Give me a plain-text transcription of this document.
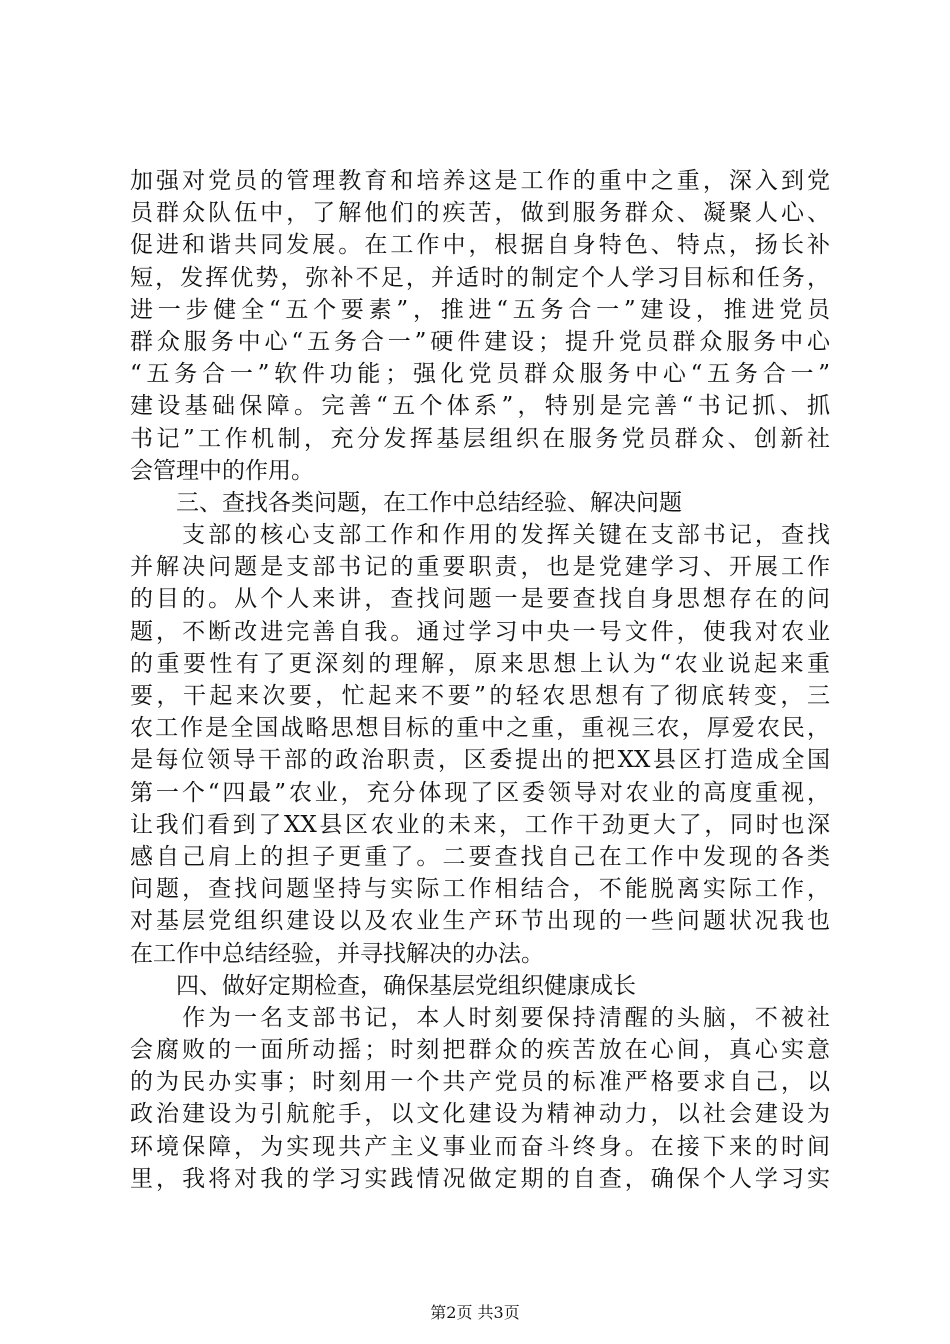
加强对党员的管理教育和培养这是工作的重中之重，深入到党
员群众队伍中，了解他们的疾苦，做到服务群众、凝聚人心、
促进和谐共同发展。在工作中，根据自身特色、特点，扬长补
短，发挥优势，弥补不足，并适时的制定个人学习目标和任务，
进一步健全“五个要素”，推进“五务合一”建设，推进党员
群众服务中心“五务合一”硬件建设；提升党员群众服务中心
“五务合一”软件功能；强化党员群众服务中心“五务合一”
建设基础保障。完善“五个体系”，特别是完善“书记抓、抓
书记”工作机制，充分发挥基层组织在服务党员群众、创新社
会管理中的作用。
　　三、查找各类问题，在工作中总结经验、解决问题
　　支部的核心支部工作和作用的发挥关键在支部书记，查找
并解决问题是支部书记的重要职责，也是党建学习、开展工作
的目的。从个人来讲，查找问题一是要查找自身思想存在的问
题，不断改进完善自我。通过学习中央一号文件，使我对农业
的重要性有了更深刻的理解，原来思想上认为“农业说起来重
要，干起来次要，忙起来不要”的轻农思想有了彻底转变，三
农工作是全国战略思想目标的重中之重，重视三农，厚爱农民，
是每位领导干部的政治职责，区委提出的把XX县区打造成全国
第一个“四最”农业，充分体现了区委领导对农业的高度重视，
让我们看到了XX县区农业的未来，工作干劲更大了，同时也深
感自己肩上的担子更重了。二要查找自己在工作中发现的各类
问题，查找问题坚持与实际工作相结合，不能脱离实际工作，
对基层党组织建设以及农业生产环节出现的一些问题状况我也
在工作中总结经验，并寻找解决的办法。
　　四、做好定期检查，确保基层党组织健康成长
　　作为一名支部书记，本人时刻要保持清醒的头脑，不被社
会腐败的一面所动摇；时刻把群众的疾苦放在心间，真心实意
的为民办实事；时刻用一个共产党员的标准严格要求自己，以
政治建设为引航舵手，以文化建设为精神动力，以社会建设为
环境保障，为实现共产主义事业而奋斗终身。在接下来的时间
里，我将对我的学习实践情况做定期的自查，确保个人学习实
第2页 共3页
